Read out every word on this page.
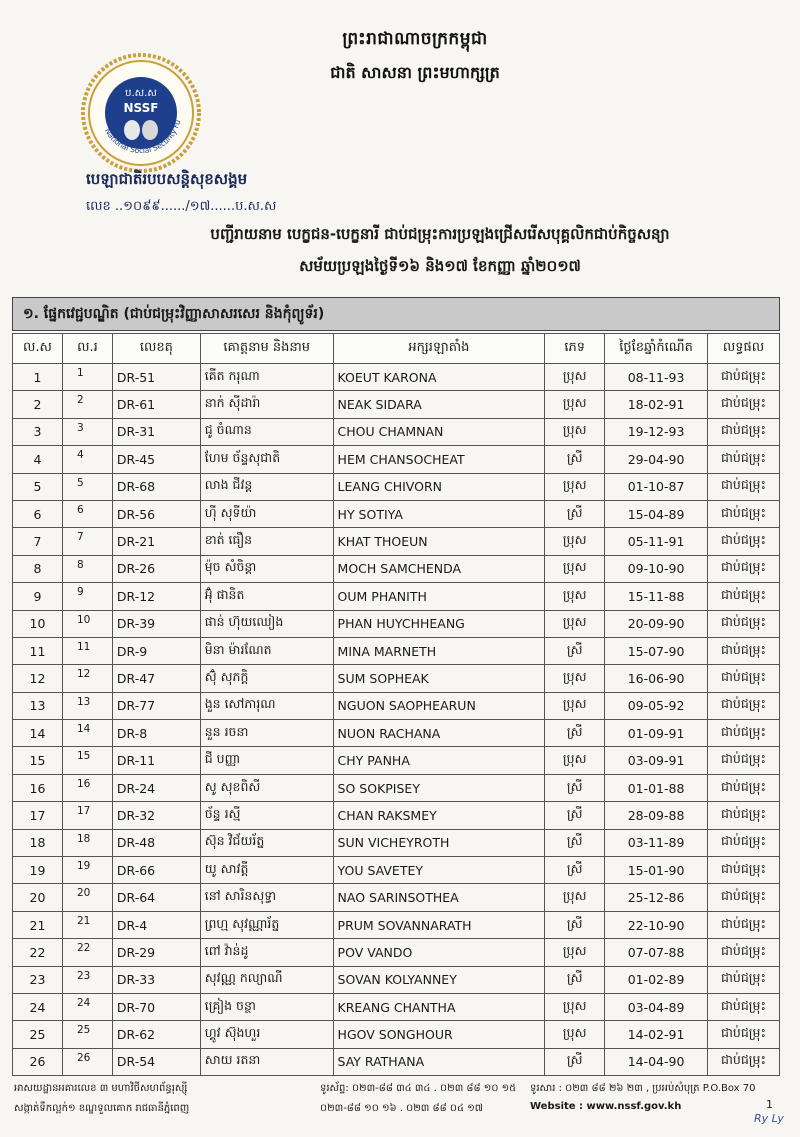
ព្រះរាជាណាចក្រកម្ពុជា
ជាតិ សាសនា ព្រះមហាក្សត្រ
ប.ស.ស
NSSF
National Social Security Fu
បេឡាជាតិរបបសន្តិសុខសង្គម
លេខ ..១០៩៩....../១៧......ប.ស.ស
បញ្ជីរាយនាម បេក្ខជន-បេក្ខនារី ជាប់ជម្រុះការប្រឡងជ្រើសរើសបុគ្គលិកជាប់កិច្ចសន្យា
សម័យប្រឡងថ្ងៃទី១៦ និង១៧ ខែកញ្ញា ឆ្នាំ២០១៧
១. ផ្នែកវេជ្ជបណ្ឌិត (ជាប់ជម្រុះវិញ្ញាសាសរសេរ និងកុំព្យូទ័រ)
ល.ស	ល.រ	លេខតុ	គោត្តនាម និងនាម	អក្សរឡាតាំង	ភេទ	ថ្ងៃខែឆ្នាំកំណើត	លទ្ធផល
1	1	DR-51	គើត ករុណា	KOEUT KARONA	ប្រុស	08-11-93	ជាប់ជម្រុះ
2	2	DR-61	នាក់ ស៊ីដារ៉ា	NEAK SIDARA	ប្រុស	18-02-91	ជាប់ជម្រុះ
3	3	DR-31	ជូ ចំណាន	CHOU CHAMNAN	ប្រុស	19-12-93	ជាប់ជម្រុះ
4	4	DR-45	ហែម ច័ន្ទសុជាតិ	HEM CHANSOCHEAT	ស្រី	29-04-90	ជាប់ជម្រុះ
5	5	DR-68	លាង ជីវន្ត	LEANG CHIVORN	ប្រុស	01-10-87	ជាប់ជម្រុះ
6	6	DR-56	ហ៊ី សុទីយ៉ា	HY SOTIYA	ស្រី	15-04-89	ជាប់ជម្រុះ
7	7	DR-21	ខាត់ ធឿន	KHAT THOEUN	ប្រុស	05-11-91	ជាប់ជម្រុះ
8	8	DR-26	ម៉ុច សំចិន្តា	MOCH SAMCHENDA	ប្រុស	09-10-90	ជាប់ជម្រុះ
9	9	DR-12	អ៊ុំ ផានិត	OUM PHANITH	ប្រុស	15-11-88	ជាប់ជម្រុះ
10	10	DR-39	ផាន់ ហ៊ុយឈៀង	PHAN HUYCHHEANG	ប្រុស	20-09-90	ជាប់ជម្រុះ
11	11	DR-9	មិនា ម៉ារណែត	MINA MARNETH	ស្រី	15-07-90	ជាប់ជម្រុះ
12	12	DR-47	ស៊ុំ សុភក្តិ	SUM SOPHEAK	ប្រុស	16-06-90	ជាប់ជម្រុះ
13	13	DR-77	ងួន សៅភារុណ	NGUON SAOPHEARUN	ប្រុស	09-05-92	ជាប់ជម្រុះ
14	14	DR-8	នួន រចនា	NUON RACHANA	ស្រី	01-09-91	ជាប់ជម្រុះ
15	15	DR-11	ជី បញ្ញា	CHY PANHA	ប្រុស	03-09-91	ជាប់ជម្រុះ
16	16	DR-24	សូ សុខពិសី	SO SOKPISEY	ស្រី	01-01-88	ជាប់ជម្រុះ
17	17	DR-32	ច័ន្ទ រស្មី	CHAN RAKSMEY	ស្រី	28-09-88	ជាប់ជម្រុះ
18	18	DR-48	ស៊ុន វិជ័យរ័ត្ន	SUN VICHEYROTH	ស្រី	03-11-89	ជាប់ជម្រុះ
19	19	DR-66	យូ សាវត្តី	YOU SAVETEY	ស្រី	15-01-90	ជាប់ជម្រុះ
20	20	DR-64	នៅ សារិនសុទ្ធា	NAO SARINSOTHEA	ប្រុស	25-12-86	ជាប់ជម្រុះ
21	21	DR-4	ព្រហ្ម សុវណ្ណារ័ត្ន	PRUM SOVANNARATH	ស្រី	22-10-90	ជាប់ជម្រុះ
22	22	DR-29	ពៅ វ៉ាន់ដូ	POV VANDO	ប្រុស	07-07-88	ជាប់ជម្រុះ
23	23	DR-33	សុវណ្ណ កល្យាណី	SOVAN KOLYANNEY	ស្រី	01-02-89	ជាប់ជម្រុះ
24	24	DR-70	គ្រៀង ចន្ថា	KREANG CHANTHA	ប្រុស	03-04-89	ជាប់ជម្រុះ
25	25	DR-62	ហ្គូវ ស៊ុងហួរ	HGOV SONGHOUR	ប្រុស	14-02-91	ជាប់ជម្រុះ
26	26	DR-54	សាយ រតនា	SAY RATHANA	ស្រី	14-04-90	ជាប់ជម្រុះ
អាសយដ្ឋានអគារលេខ ៣ មហាវិថីសហព័ន្ធរុស្ស៊ី
សង្កាត់ទឹកល្អក់១ ខណ្ឌទួលគោក រាជធានីភ្នំពេញ
ទូរស័ព្ទ: ០២៣-៨៨ ៣៤ ៣៤ . ០២៣ ៨៨ ១០ ១៥
០២៣-៨៨ ១០ ១៦ . ០២៣ ៨៨ ០៤ ១៧
ទូរសារ : ០២៣ ៨៨ ២៦ ២៣ , ប្រអប់សំបុត្រ P.O.Box 70
Website : www.nssf.gov.kh	1
Ry Ly
